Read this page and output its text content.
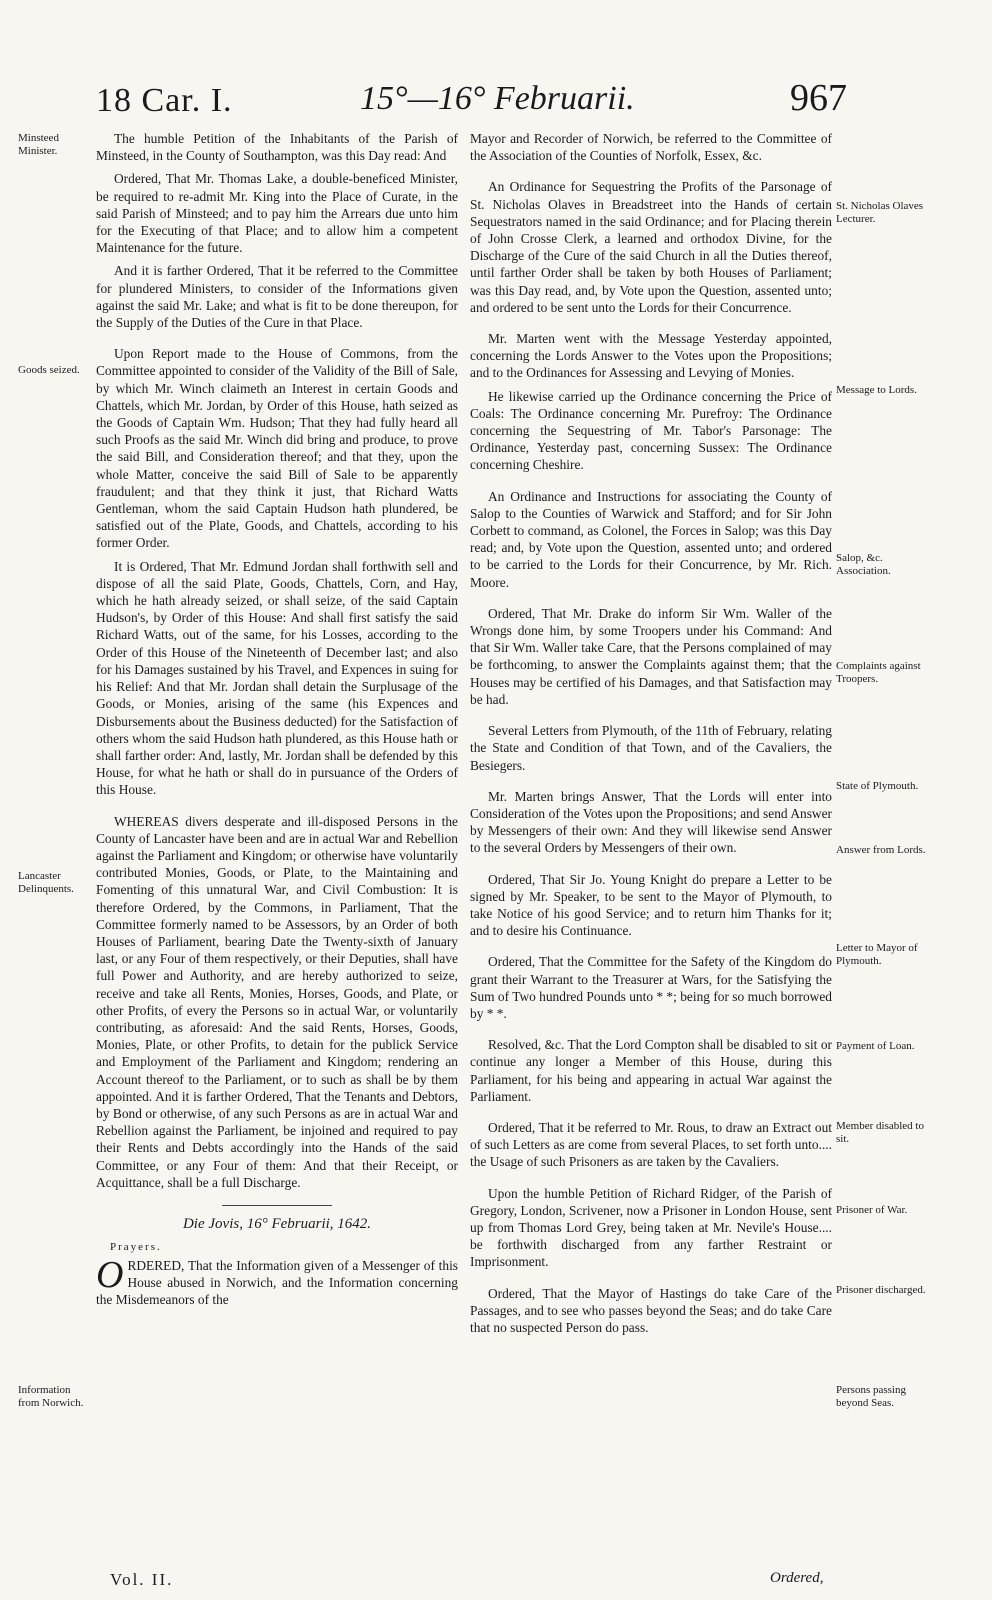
18 Car. I.	15°—16° Februarii.	967
Minsteed Minister.
Goods seized.
Lancaster Delinquents.
Information from Norwich.
St. Nicholas Olaves Lecturer.
Message to Lords.
Salop, &c. Association.
Complaints against Troopers.
State of Plymouth.
Answer from Lords.
Letter to Mayor of Plymouth.
Payment of Loan.
Member disabled to sit.
Prisoner of War.
Prisoner discharged.
Persons passing beyond Seas.

The humble Petition of the Inhabitants of the Parish of Minsteed, in the County of Southampton, was this Day read: And

Ordered, That Mr. Thomas Lake, a double-beneficed Minister, be required to re-admit Mr. King into the Place of Curate, in the said Parish of Minsteed; and to pay him the Arrears due unto him for the Executing of that Place; and to allow him a competent Maintenance for the future.

And it is farther Ordered, That it be referred to the Committee for plundered Ministers, to consider of the Informations given against the said Mr. Lake; and what is fit to be done thereupon, for the Supply of the Duties of the Cure in that Place.

Upon Report made to the House of Commons, from the Committee appointed to consider of the Validity of the Bill of Sale, by which Mr. Winch claimeth an Interest in certain Goods and Chattels, which Mr. Jordan, by Order of this House, hath seized as the Goods of Captain Wm. Hudson; That they had fully heard all such Proofs as the said Mr. Winch did bring and produce, to prove the said Bill, and Consideration thereof; and that they, upon the whole Matter, conceive the said Bill of Sale to be apparently fraudulent; and that they think it just, that Richard Watts Gentleman, whom the said Captain Hudson hath plundered, be satisfied out of the Plate, Goods, and Chattels, according to his former Order.

It is Ordered, That Mr. Edmund Jordan shall forthwith sell and dispose of all the said Plate, Goods, Chattels, Corn, and Hay, which he hath already seized, or shall seize, of the said Captain Hudson's, by Order of this House: And shall first satisfy the said Richard Watts, out of the same, for his Losses, according to the Order of this House of the Nineteenth of December last; and also for his Damages sustained by his Travel, and Expences in suing for his Relief: And that Mr. Jordan shall detain the Surplusage of the Goods, or Monies, arising of the same (his Expences and Disbursements about the Business deducted) for the Satisfaction of others whom the said Hudson hath plundered, as this House hath or shall farther order: And, lastly, Mr. Jordan shall be defended by this House, for what he hath or shall do in pursuance of the Orders of this House.

WHEREAS divers desperate and ill-disposed Persons in the County of Lancaster have been and are in actual War and Rebellion against the Parliament and Kingdom; or otherwise have voluntarily contributed Monies, Goods, or Plate, to the Maintaining and Fomenting of this unnatural War, and Civil Combustion: It is therefore Ordered, by the Commons, in Parliament, That the Committee formerly named to be Assessors, by an Order of both Houses of Parliament, bearing Date the Twenty-sixth of January last, or any Four of them respectively, or their Deputies, shall have full Power and Authority, and are hereby authorized to seize, receive and take all Rents, Monies, Horses, Goods, and Plate, or other Profits, of every the Persons so in actual War, or voluntarily contributing, as aforesaid: And the said Rents, Horses, Goods, Monies, Plate, or other Profits, to detain for the publick Service and Employment of the Parliament and Kingdom; rendering an Account thereof to the Parliament, or to such as shall be by them appointed. And it is farther Ordered, That the Tenants and Debtors, by Bond or otherwise, of any such Persons as are in actual War and Rebellion against the Parliament, be injoined and required to pay their Rents and Debts accordingly into the Hands of the said Committee, or any Four of them: And that their Receipt, or Acquittance, shall be a full Discharge.

Die Jovis, 16° Februarii, 1642.
Prayers.
O RDERED, That the Information given of a Messenger of this House abused in Norwich, and the Information concerning the Misdemeanors of the

Mayor and Recorder of Norwich, be referred to the Committee of the Association of the Counties of Norfolk, Essex, &c.

An Ordinance for Sequestring the Profits of the Parsonage of St. Nicholas Olaves in Breadstreet into the Hands of certain Sequestrators named in the said Ordinance; and for Placing therein of John Crosse Clerk, a learned and orthodox Divine, for the Discharge of the Cure of the said Church in all the Duties thereof, until farther Order shall be taken by both Houses of Parliament; was this Day read, and, by Vote upon the Question, assented unto; and ordered to be sent unto the Lords for their Concurrence.

Mr. Marten went with the Message Yesterday appointed, concerning the Lords Answer to the Votes upon the Propositions; and to the Ordinances for Assessing and Levying of Monies.

He likewise carried up the Ordinance concerning the Price of Coals: The Ordinance concerning Mr. Purefroy: The Ordinance concerning the Sequestring of Mr. Tabor's Parsonage: The Ordinance, Yesterday past, concerning Sussex: The Ordinance concerning Cheshire.

An Ordinance and Instructions for associating the County of Salop to the Counties of Warwick and Stafford; and for Sir John Corbett to command, as Colonel, the Forces in Salop; was this Day read; and, by Vote upon the Question, assented unto; and ordered to be carried to the Lords for their Concurrence, by Mr. Rich. Moore.

Ordered, That Mr. Drake do inform Sir Wm. Waller of the Wrongs done him, by some Troopers under his Command: And that Sir Wm. Waller take Care, that the Persons complained of may be forthcoming, to answer the Complaints against them; that the Houses may be certified of his Damages, and that Satisfaction may be had.

Several Letters from Plymouth, of the 11th of February, relating the State and Condition of that Town, and of the Cavaliers, the Besiegers.

Mr. Marten brings Answer, That the Lords will enter into Consideration of the Votes upon the Propositions; and send Answer by Messengers of their own: And they will likewise send Answer to the several Orders by Messengers of their own.

Ordered, That Sir Jo. Young Knight do prepare a Letter to be signed by Mr. Speaker, to be sent to the Mayor of Plymouth, to take Notice of his good Service; and to return him Thanks for it; and to desire his Continuance.

Ordered, That the Committee for the Safety of the Kingdom do grant their Warrant to the Treasurer at Wars, for the Satisfying the Sum of Two hundred Pounds unto * *; being for so much borrowed by * *.

Resolved, &c. That the Lord Compton shall be disabled to sit or continue any longer a Member of this House, during this Parliament, for his being and appearing in actual War against the Parliament.

Ordered, That it be referred to Mr. Rous, to draw an Extract out of such Letters as are come from several Places, to set forth unto.... the Usage of such Prisoners as are taken by the Cavaliers.

Upon the humble Petition of Richard Ridger, of the Parish of Gregory, London, Scrivener, now a Prisoner in London House, sent up from Thomas Lord Grey, being taken at Mr. Nevile's House.... be forthwith discharged from any farther Restraint or Imprisonment.

Ordered, That the Mayor of Hastings do take Care of the Passages, and to see who passes beyond the Seas; and do take Care that no suspected Person do pass.

Vol. II.	Ordered,
